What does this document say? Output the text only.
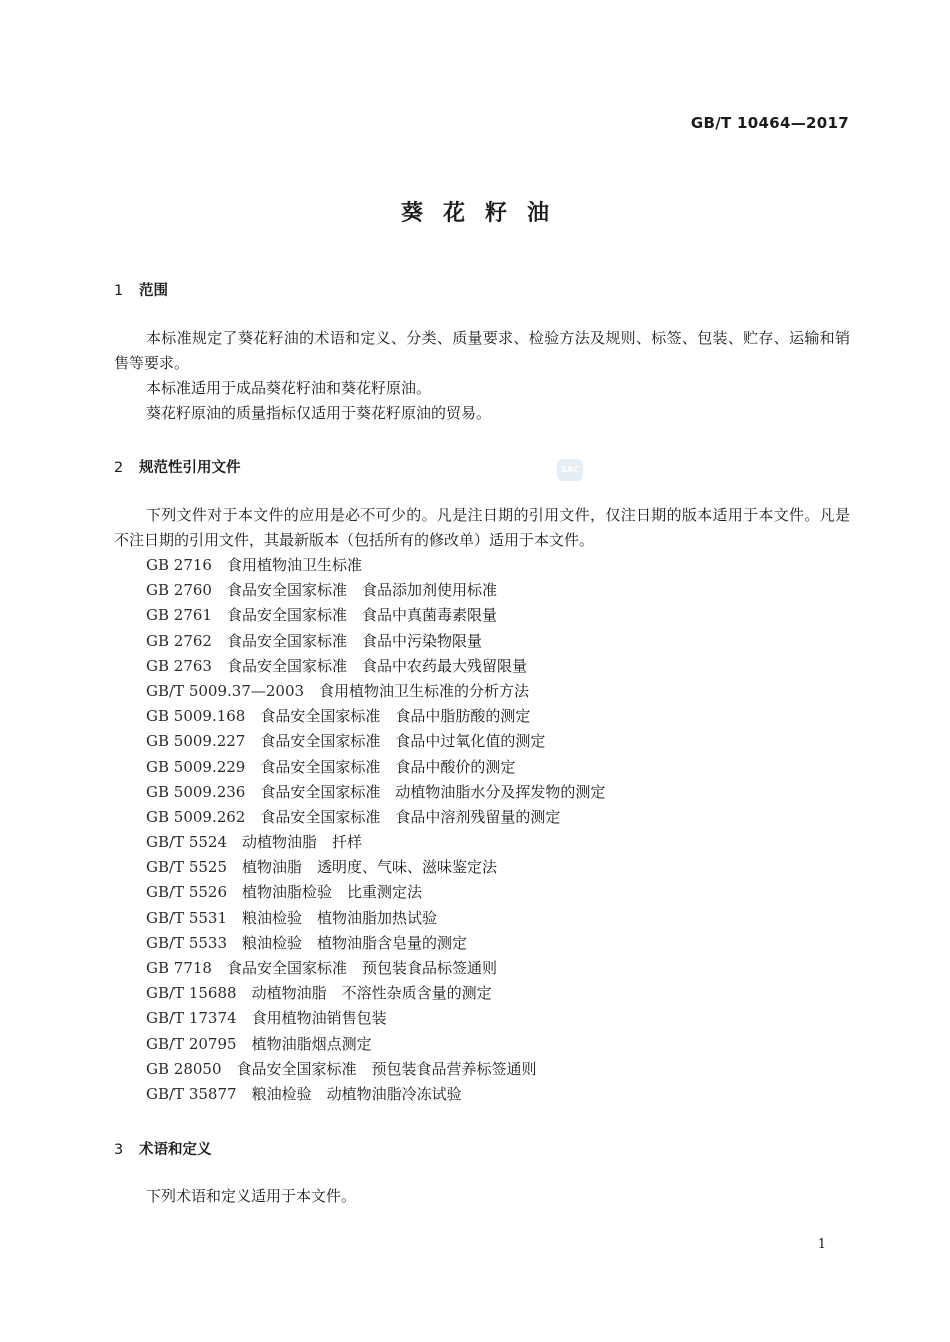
GB/T 10464—2017
葵花籽油
1 范围
本标准规定了葵花籽油的术语和定义、分类、质量要求、检验方法及规则、标签、包装、贮存、运输和销售等要求。
本标准适用于成品葵花籽油和葵花籽原油。
葵花籽原油的质量指标仅适用于葵花籽原油的贸易。
2 规范性引用文件	SAC
下列文件对于本文件的应用是必不可少的。凡是注日期的引用文件，仅注日期的版本适用于本文件。凡是不注日期的引用文件，其最新版本（包括所有的修改单）适用于本文件。
GB 2716 食用植物油卫生标准
GB 2760 食品安全国家标准　食品添加剂使用标准
GB 2761 食品安全国家标准　食品中真菌毒素限量
GB 2762 食品安全国家标准　食品中污染物限量
GB 2763 食品安全国家标准　食品中农药最大残留限量
GB/T 5009.37—2003 食用植物油卫生标准的分析方法
GB 5009.168 食品安全国家标准　食品中脂肪酸的测定
GB 5009.227 食品安全国家标准　食品中过氧化值的测定
GB 5009.229 食品安全国家标准　食品中酸价的测定
GB 5009.236 食品安全国家标准　动植物油脂水分及挥发物的测定
GB 5009.262 食品安全国家标准　食品中溶剂残留量的测定
GB/T 5524 动植物油脂　扦样
GB/T 5525 植物油脂　透明度、气味、滋味鉴定法
GB/T 5526 植物油脂检验　比重测定法
GB/T 5531 粮油检验　植物油脂加热试验
GB/T 5533 粮油检验　植物油脂含皂量的测定
GB 7718 食品安全国家标准　预包装食品标签通则
GB/T 15688 动植物油脂　不溶性杂质含量的测定
GB/T 17374 食用植物油销售包装
GB/T 20795 植物油脂烟点测定
GB 28050 食品安全国家标准　预包装食品营养标签通则
GB/T 35877 粮油检验　动植物油脂冷冻试验
3 术语和定义
下列术语和定义适用于本文件。
1
